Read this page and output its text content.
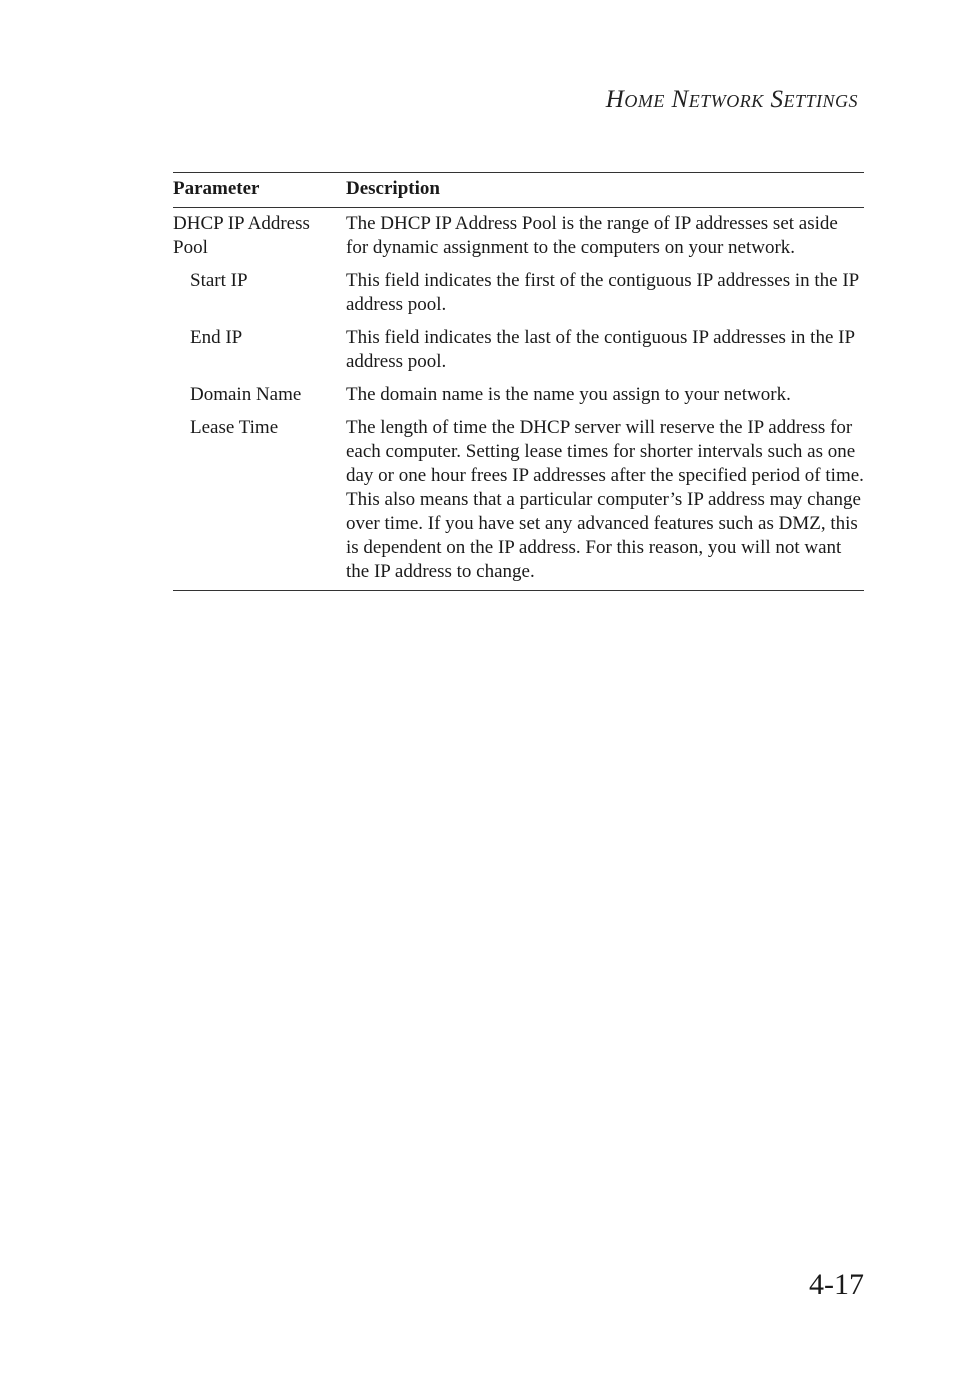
Home Network Settings
Parameter	Description
DHCP IP Address Pool	The DHCP IP Address Pool is the range of IP addresses set aside for dynamic assignment to the computers on your network.
Start IP	This field indicates the first of the contiguous IP addresses in the IP address pool.
End IP	This field indicates the last of the contiguous IP addresses in the IP address pool.
Domain Name	The domain name is the name you assign to your network.
Lease Time	The length of time the DHCP server will reserve the IP address for each computer. Setting lease times for shorter intervals such as one day or one hour frees IP addresses after the specified period of time. This also means that a particular computer’s IP address may change over time. If you have set any advanced features such as DMZ, this is dependent on the IP address. For this reason, you will not want the IP address to change.
4-17
